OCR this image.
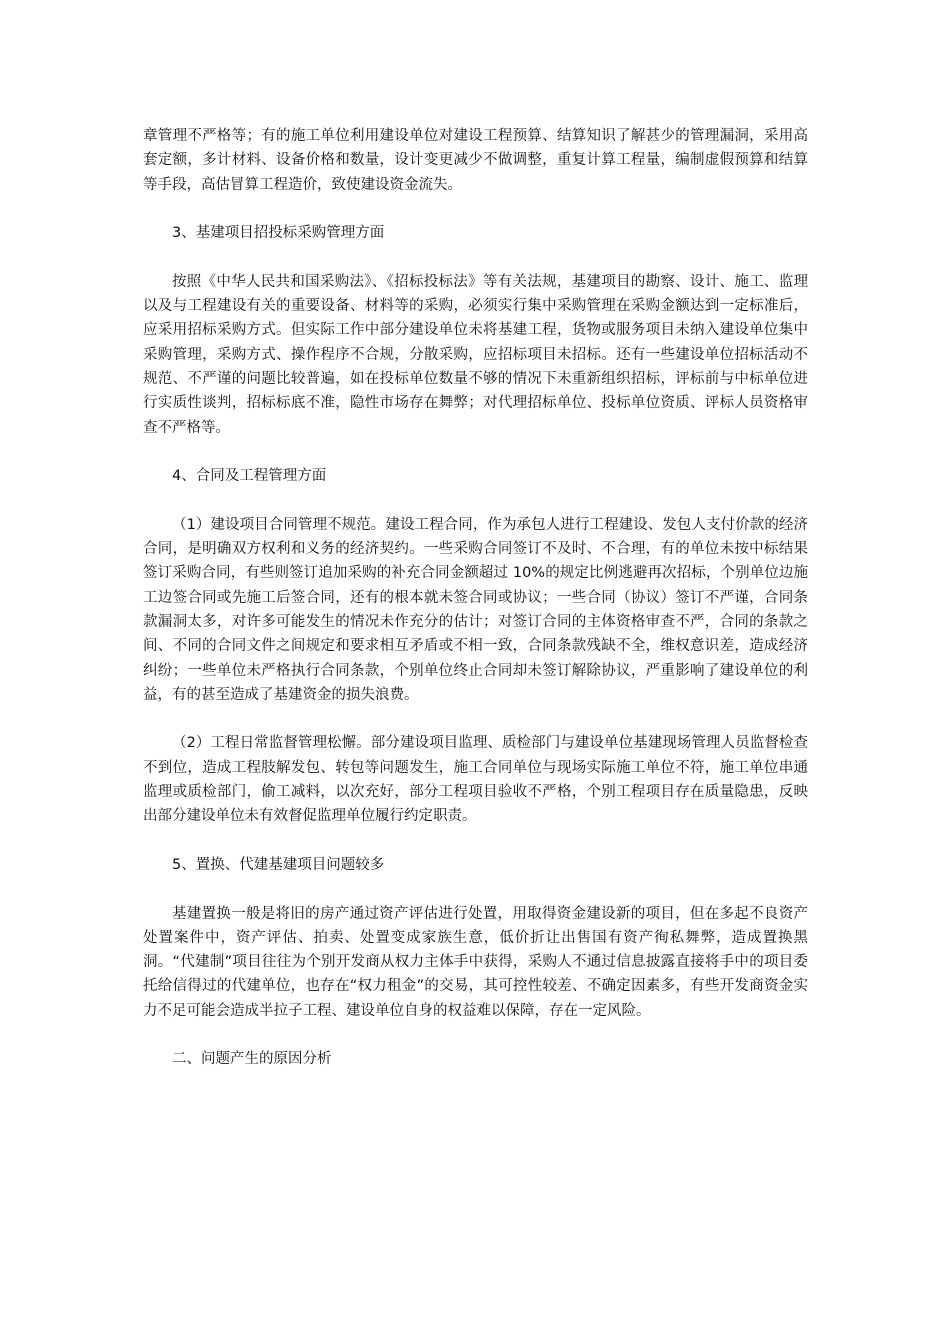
章管理不严格等；有的施工单位利用建设单位对建设工程预算、结算知识了解甚少的管理漏洞，采用高套定额，多计材料、设备价格和数量，设计变更减少不做调整，重复计算工程量，编制虚假预算和结算等手段，高估冒算工程造价，致使建设资金流失。

3、基建项目招投标采购管理方面

按照《中华人民共和国采购法》、《招标投标法》等有关法规，基建项目的勘察、设计、施工、监理以及与工程建设有关的重要设备、材料等的采购，必须实行集中采购管理在采购金额达到一定标准后，应采用招标采购方式。但实际工作中部分建设单位未将基建工程，货物或服务项目未纳入建设单位集中采购管理，采购方式、操作程序不合规，分散采购，应招标项目未招标。还有一些建设单位招标活动不规范、不严谨的问题比较普遍，如在投标单位数量不够的情况下未重新组织招标，评标前与中标单位进行实质性谈判，招标标底不准，隐性市场存在舞弊；对代理招标单位、投标单位资质、评标人员资格审查不严格等。

4、合同及工程管理方面

（1）建设项目合同管理不规范。建设工程合同，作为承包人进行工程建设、发包人支付价款的经济合同，是明确双方权利和义务的经济契约。一些采购合同签订不及时、不合理，有的单位未按中标结果签订采购合同，有些则签订追加采购的补充合同金额超过 10%的规定比例逃避再次招标，个别单位边施工边签合同或先施工后签合同，还有的根本就未签合同或协议；一些合同（协议）签订不严谨，合同条款漏洞太多，对许多可能发生的情况未作充分的估计；对签订合同的主体资格审查不严，合同的条款之间、不同的合同文件之间规定和要求相互矛盾或不相一致，合同条款残缺不全，维权意识差，造成经济纠纷；一些单位未严格执行合同条款，个别单位终止合同却未签订解除协议，严重影响了建设单位的利益，有的甚至造成了基建资金的损失浪费。

（2）工程日常监督管理松懈。部分建设项目监理、质检部门与建设单位基建现场管理人员监督检查不到位，造成工程肢解发包、转包等问题发生，施工合同单位与现场实际施工单位不符，施工单位串通监理或质检部门，偷工减料，以次充好，部分工程项目验收不严格，个别工程项目存在质量隐患，反映出部分建设单位未有效督促监理单位履行约定职责。

5、置换、代建基建项目问题较多

基建置换一般是将旧的房产通过资产评估进行处置，用取得资金建设新的项目，但在多起不良资产处置案件中，资产评估、拍卖、处置变成家族生意，低价折让出售国有资产徇私舞弊，造成置换黑洞。“代建制”项目往往为个别开发商从权力主体手中获得，采购人不通过信息披露直接将手中的项目委托给信得过的代建单位，也存在“权力租金”的交易，其可控性较差、不确定因素多，有些开发商资金实力不足可能会造成半拉子工程、建设单位自身的权益难以保障，存在一定风险。

二、问题产生的原因分析
